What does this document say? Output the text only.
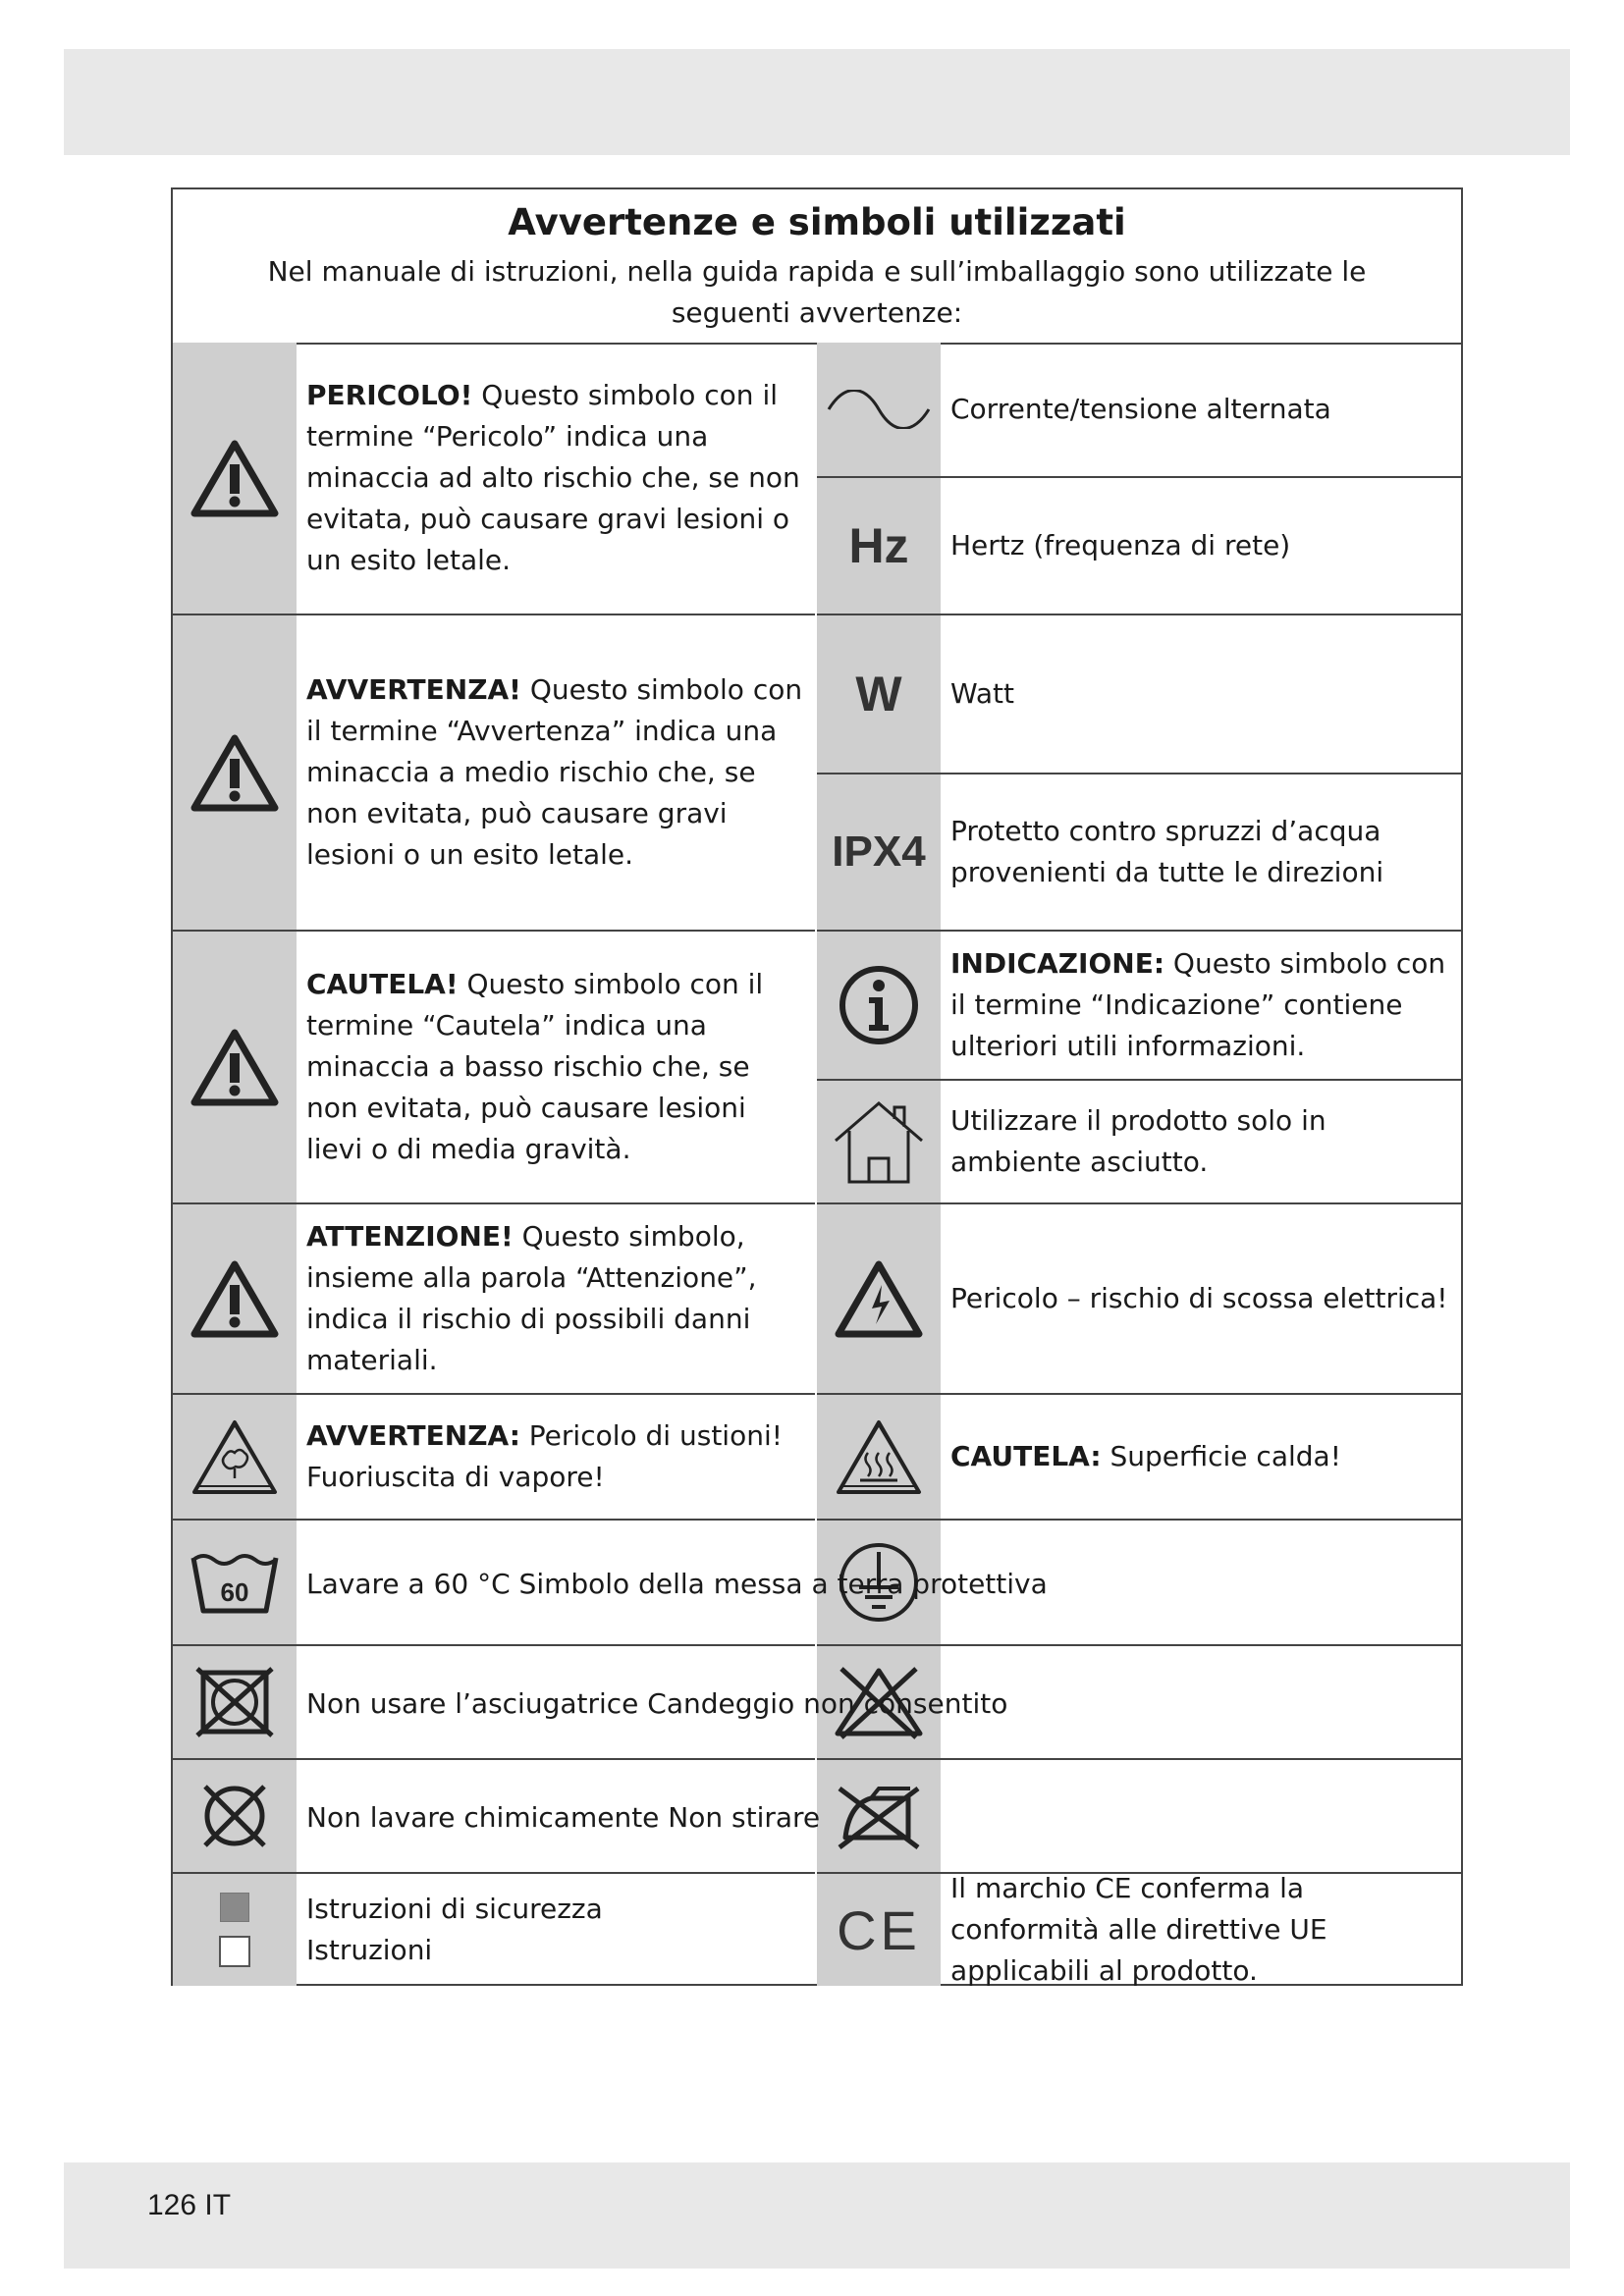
Avvertenze e simboli utilizzati
Nel manuale di istruzioni, nella guida rapida e sull’imballaggio sono utilizzate le seguenti avvertenze:
PERICOLO! Questo simbolo con il termine “Pericolo” indica una minaccia ad alto rischio che, se non evitata, può causare gravi lesioni o un esito letale.
AVVERTENZA! Questo simbolo con il termine “Avvertenza” indica una minaccia a medio rischio che, se non evitata, può causare gravi lesioni o un esito letale.
CAUTELA! Questo simbolo con il termine “Cautela” indica una minaccia a basso rischio che, se non evitata, può causare lesioni lievi o di media gravità.
ATTENZIONE! Questo simbolo, insieme alla parola “Attenzione”, indica il rischio di possibili danni materiali.
AVVERTENZA: Pericolo di ustioni! Fuoriuscita di vapore!
60
Istruzioni di sicurezza
Istruzioni
Corrente/tensione alternata
Hz Hertz (frequenza di rete)
W Watt
IPX4 Protetto contro spruzzi d’acqua provenienti da tutte le direzioni
INDICAZIONE: Questo simbolo con il termine “Indicazione” contiene ulteriori utili informazioni.
Utilizzare il prodotto solo in ambiente asciutto.
Pericolo – rischio di scossa elettrica!
CAUTELA: Superficie calda!
CE
Il marchio CE conferma la conformità alle direttive UE applicabili al prodotto.
Lavare a 60 °C Simbolo della messa a terra protettiva
Non usare l’asciugatrice Candeggio non consentito
Non lavare chimicamente Non stirare
126 IT
